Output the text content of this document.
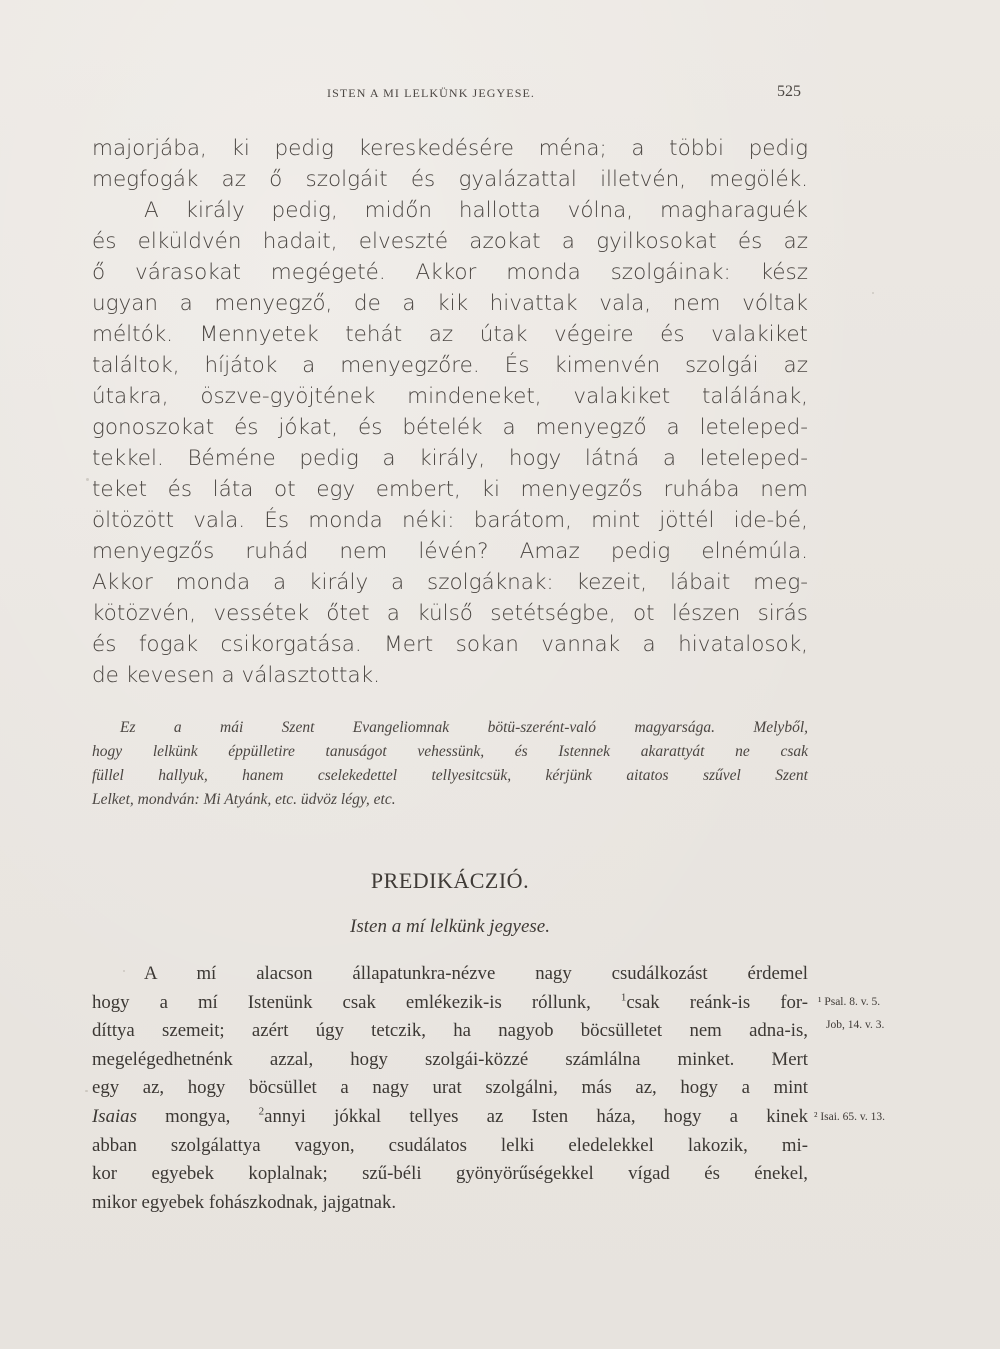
ISTEN A MI LELKÜNK JEGYESE.	525
majorjába, ki pedig kereskedésére ména; a többi pedig
megfogák az ő szolgáit és gyalázattal illetvén, megölék.
A király pedig, midőn hallotta vólna, magharaguék
és elküldvén hadait, elveszté azokat a gyilkosokat és az
ő várasokat megégeté. Akkor monda szolgáinak: kész
ugyan a menyegző, de a kik hivattak vala, nem vóltak
méltók. Mennyetek tehát az útak végeire és valakiket
találtok, híjátok a menyegzőre. És kimenvén szolgái az
útakra, öszve-gyöjtének mindeneket, valakiket találának,
gonoszokat és jókat, és bételék a menyegző a leteleped-
tekkel. Béméne pedig a király, hogy látná a leteleped-
teket és láta ot egy embert, ki menyegzős ruhába nem
öltözött vala. És monda néki: barátom, mint jöttél ide-bé,
menyegzős ruhád nem lévén? Amaz pedig elnémúla.
Akkor monda a király a szolgáknak: kezeit, lábait meg-
kötözvén, vessétek őtet a külső setétségbe, ot lészen sirás
és fogak csikorgatása. Mert sokan vannak a hivatalosok,
de kevesen a választottak.
Ez a mái Szent Evangeliomnak bötü-szerént-való magyarsága. Melyből,
hogy lelkünk éppülletire tanuságot vehessünk, és Istennek akarattyát ne csak
füllel hallyuk, hanem cselekedettel tellyesitcsük, kérjünk aitatos szűvel Szent
Lelket, mondván: Mi Atyánk, etc. üdvöz légy, etc.
PREDIKÁCZIÓ.
Isten a mí lelkünk jegyese.
A mí alacson állapatunkra-nézve nagy csudálkozást érdemel
hogy a mí Istenünk csak emlékezik-is róllunk, $^1$csak reánk-is for-
díttya szemeit; azért úgy tetczik, ha nagyob böcsülletet nem adna-is,
megelégedhetnénk azzal, hogy szolgái-közzé számlálna minket. Mert
egy az, hogy böcsüllet a nagy urat szolgálni, más az, hogy a mint
Isaias mongya, $^2$annyi jókkal tellyes az Isten háza, hogy a kinek
abban szolgálattya vagyon, csudálatos lelki eledelekkel lakozik, mi-
kor egyebek koplalnak; szű-béli gyönyörűségekkel vígad és énekel,
mikor egyebek fohászkodnak, jajgatnak.
¹ Psal. 8. v. 5.
Job, 14. v. 3.
² Isai. 65. v. 13.
